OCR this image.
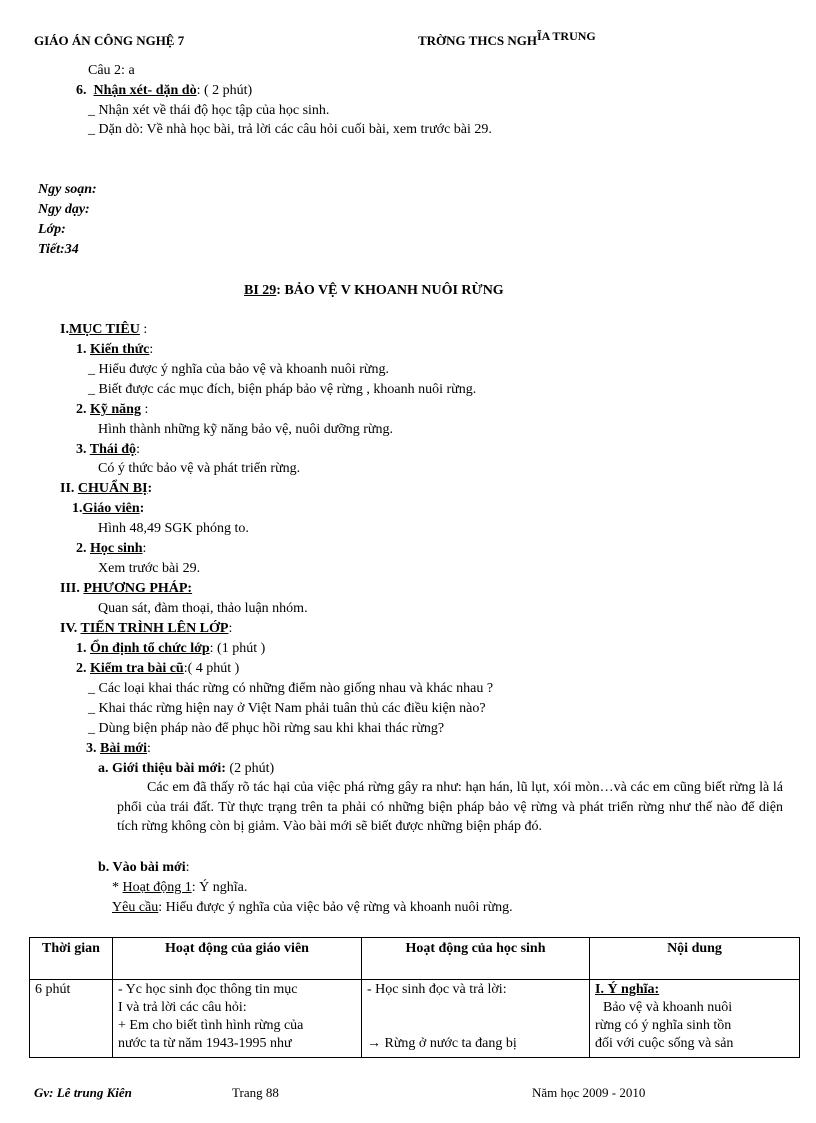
GIÁO ÁN CÔNG NGHỆ 7	TRỜNG THCS NGHĨA TRUNG
Câu 2: a
6. Nhận xét- dặn dò: ( 2 phút)
_ Nhận xét về thái độ học tập của học sinh.
_ Dặn dò: Về nhà học bài, trả lời các câu hỏi cuối bài, xem trước bài 29.
Ngy soạn:
Ngy dạy:
Lớp:
Tiết:34
BI 29: BẢO VỆ V KHOANH NUÔI RỪNG
I.MỤC TIÊU :
1. Kiến thức:
_ Hiểu được ý nghĩa của bảo vệ và khoanh nuôi rừng.
_ Biết được các mục đích, biện pháp bảo vệ rừng , khoanh nuôi rừng.
2. Kỹ năng :
Hình thành những kỹ năng bảo vệ, nuôi dưỡng rừng.
3. Thái độ:
Có ý thức bảo vệ và phát triển rừng.
II. CHUẨN BỊ:
1.Giáo viên:
Hình 48,49 SGK phóng to.
2. Học sinh:
Xem trước bài 29.
III. PHƯƠNG PHÁP:
Quan sát, đàm thoại, thảo luận nhóm.
IV. TIẾN TRÌNH LÊN LỚP:
1. Ổn định tổ chức lớp: (1 phút )
2. Kiểm tra bài cũ:( 4 phút )
_ Các loại khai thác rừng có những điểm nào giống nhau và khác nhau ?
_ Khai thác rừng hiện nay ở Việt Nam phải tuân thủ các điều kiện nào?
_ Dùng biện pháp nào để phục hồi rừng sau khi khai thác rừng?
3. Bài mới:
a. Giới thiệu bài mới: (2 phút)
Các em đã thấy rõ tác hại của việc phá rừng gây ra như: hạn hán, lũ lụt, xói mòn…và các em cũng biết rừng là lá phổi của trái đất. Từ thực trạng trên ta phải có những biện pháp bảo vệ rừng và phát triển rừng như thế nào để diện tích rừng không còn bị giảm. Vào bài mới sẽ biết được những biện pháp đó.
b. Vào bài mới:
* Hoạt động 1: Ý nghĩa.
Yêu cầu: Hiểu được ý nghĩa của việc bảo vệ rừng và khoanh nuôi rừng.
Thời gian	Hoạt động của giáo viên	Hoạt động của học sinh	Nội dung
6 phút	- Yc học sinh đọc thông tin mục
I và trả lời các câu hỏi:
+ Em cho biết tình hình rừng của
nước ta từ năm 1943-1995 như	- Học sinh đọc và trả lời:

→ Rừng ở nước ta đang bị	I. Ý nghĩa:
Bảo vệ và khoanh nuôi
rừng có ý nghĩa sinh tồn
đối với cuộc sống và sản
Gv: Lê trung Kiên	Trang 88	Năm học 2009 - 2010
